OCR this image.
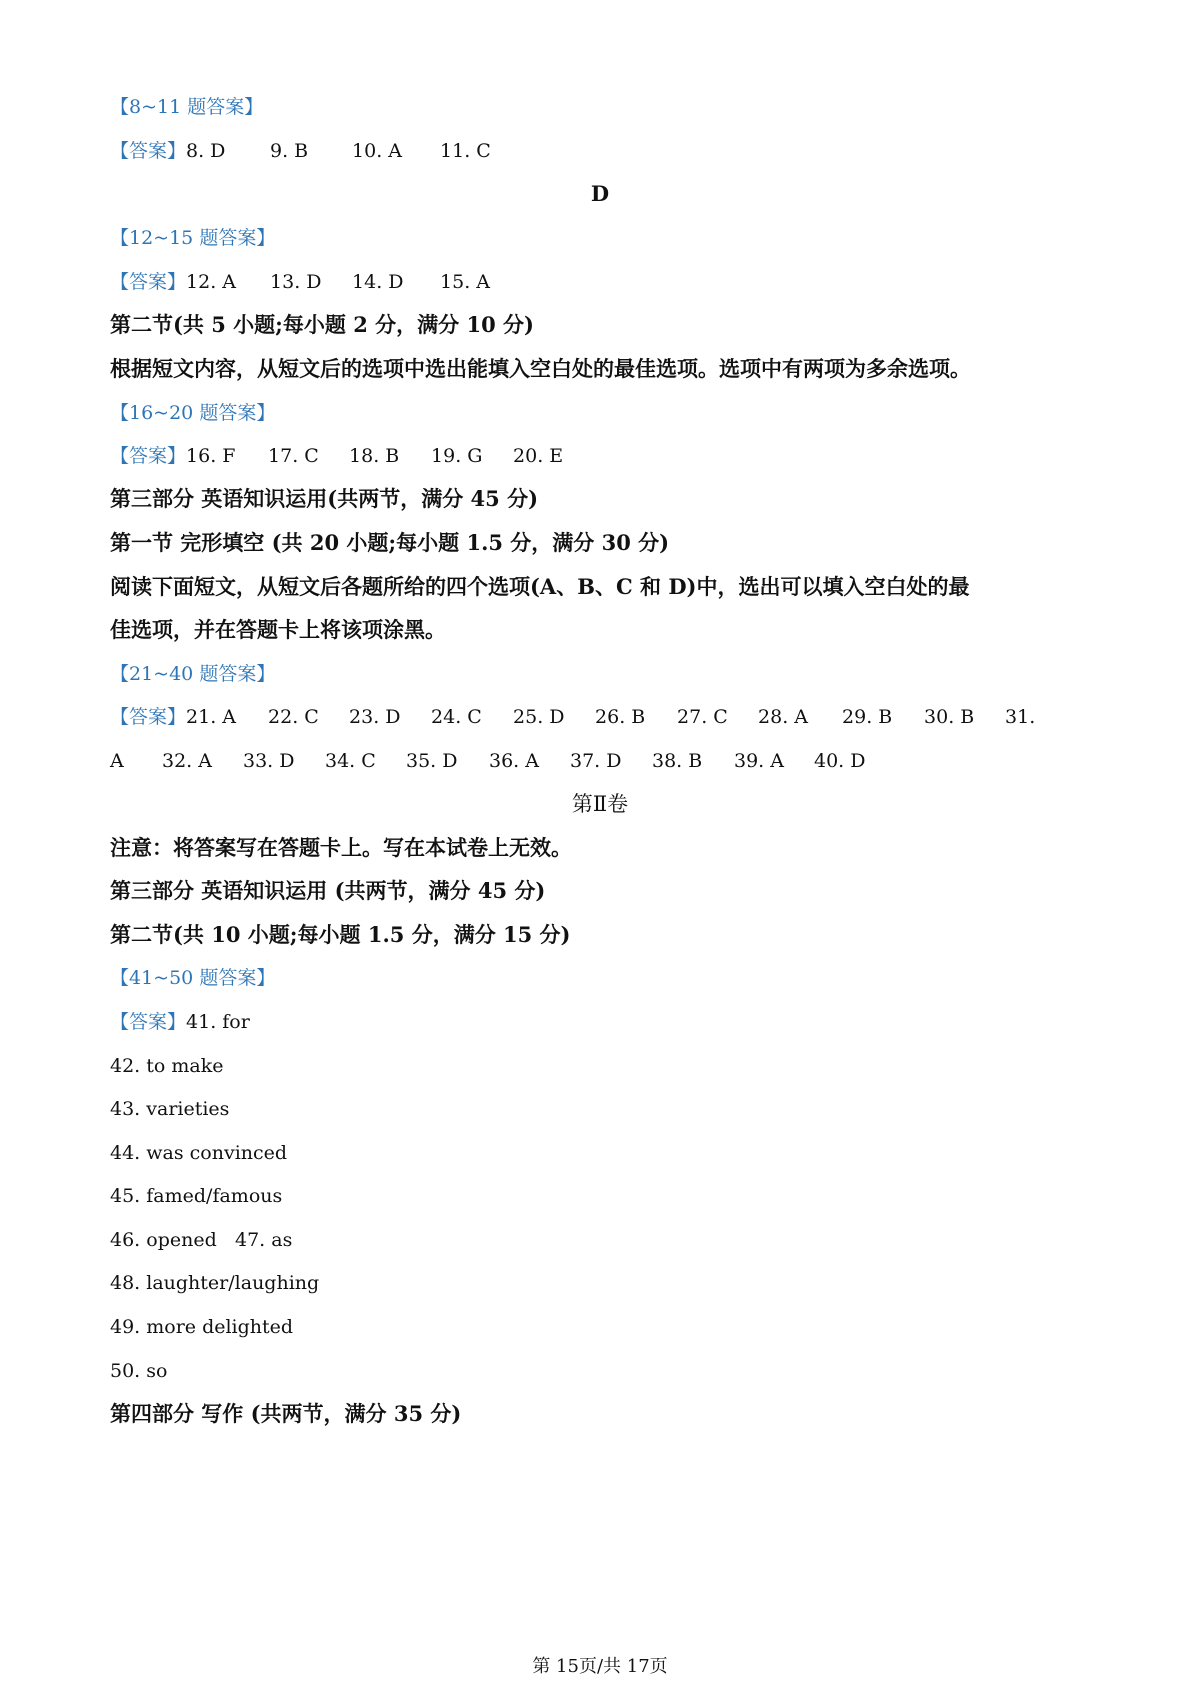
【8~11 题答案】
【答案】8. D 9. B 10. A 11. C
D
【12~15 题答案】
【答案】12. A 13. D 14. D 15. A
第二节(共 5 小题;每小题 2 分，满分 10 分)
根据短文内容，从短文后的选项中选出能填入空白处的最佳选项。选项中有两项为多余选项。
【16~20 题答案】
【答案】16. F 17. C 18. B 19. G 20. E
第三部分 英语知识运用(共两节，满分 45 分)
第一节 完形填空 (共 20 小题;每小题 1.5 分，满分 30 分)
阅读下面短文，从短文后各题所给的四个选项(A、B、C 和 D)中，选出可以填入空白处的最
佳选项，并在答题卡上将该项涂黑。
【21~40 题答案】
【答案】21. A 22. C 23. D 24. C 25. D 26. B 27. C 28. A 29. B 30. B 31.
A 32. A 33. D 34. C 35. D 36. A 37. D 38. B 39. A 40. D
第Ⅱ卷
注意：将答案写在答题卡上。写在本试卷上无效。
第三部分 英语知识运用 (共两节，满分 45 分)
第二节(共 10 小题;每小题 1.5 分，满分 15 分)
【41~50 题答案】
【答案】41. for
42. to make
43. varieties
44. was convinced
45. famed/famous
46. opened 47. as
48. laughter/laughing
49. more delighted
50. so
第四部分 写作 (共两节，满分 35 分)
第 15页/共 17页
